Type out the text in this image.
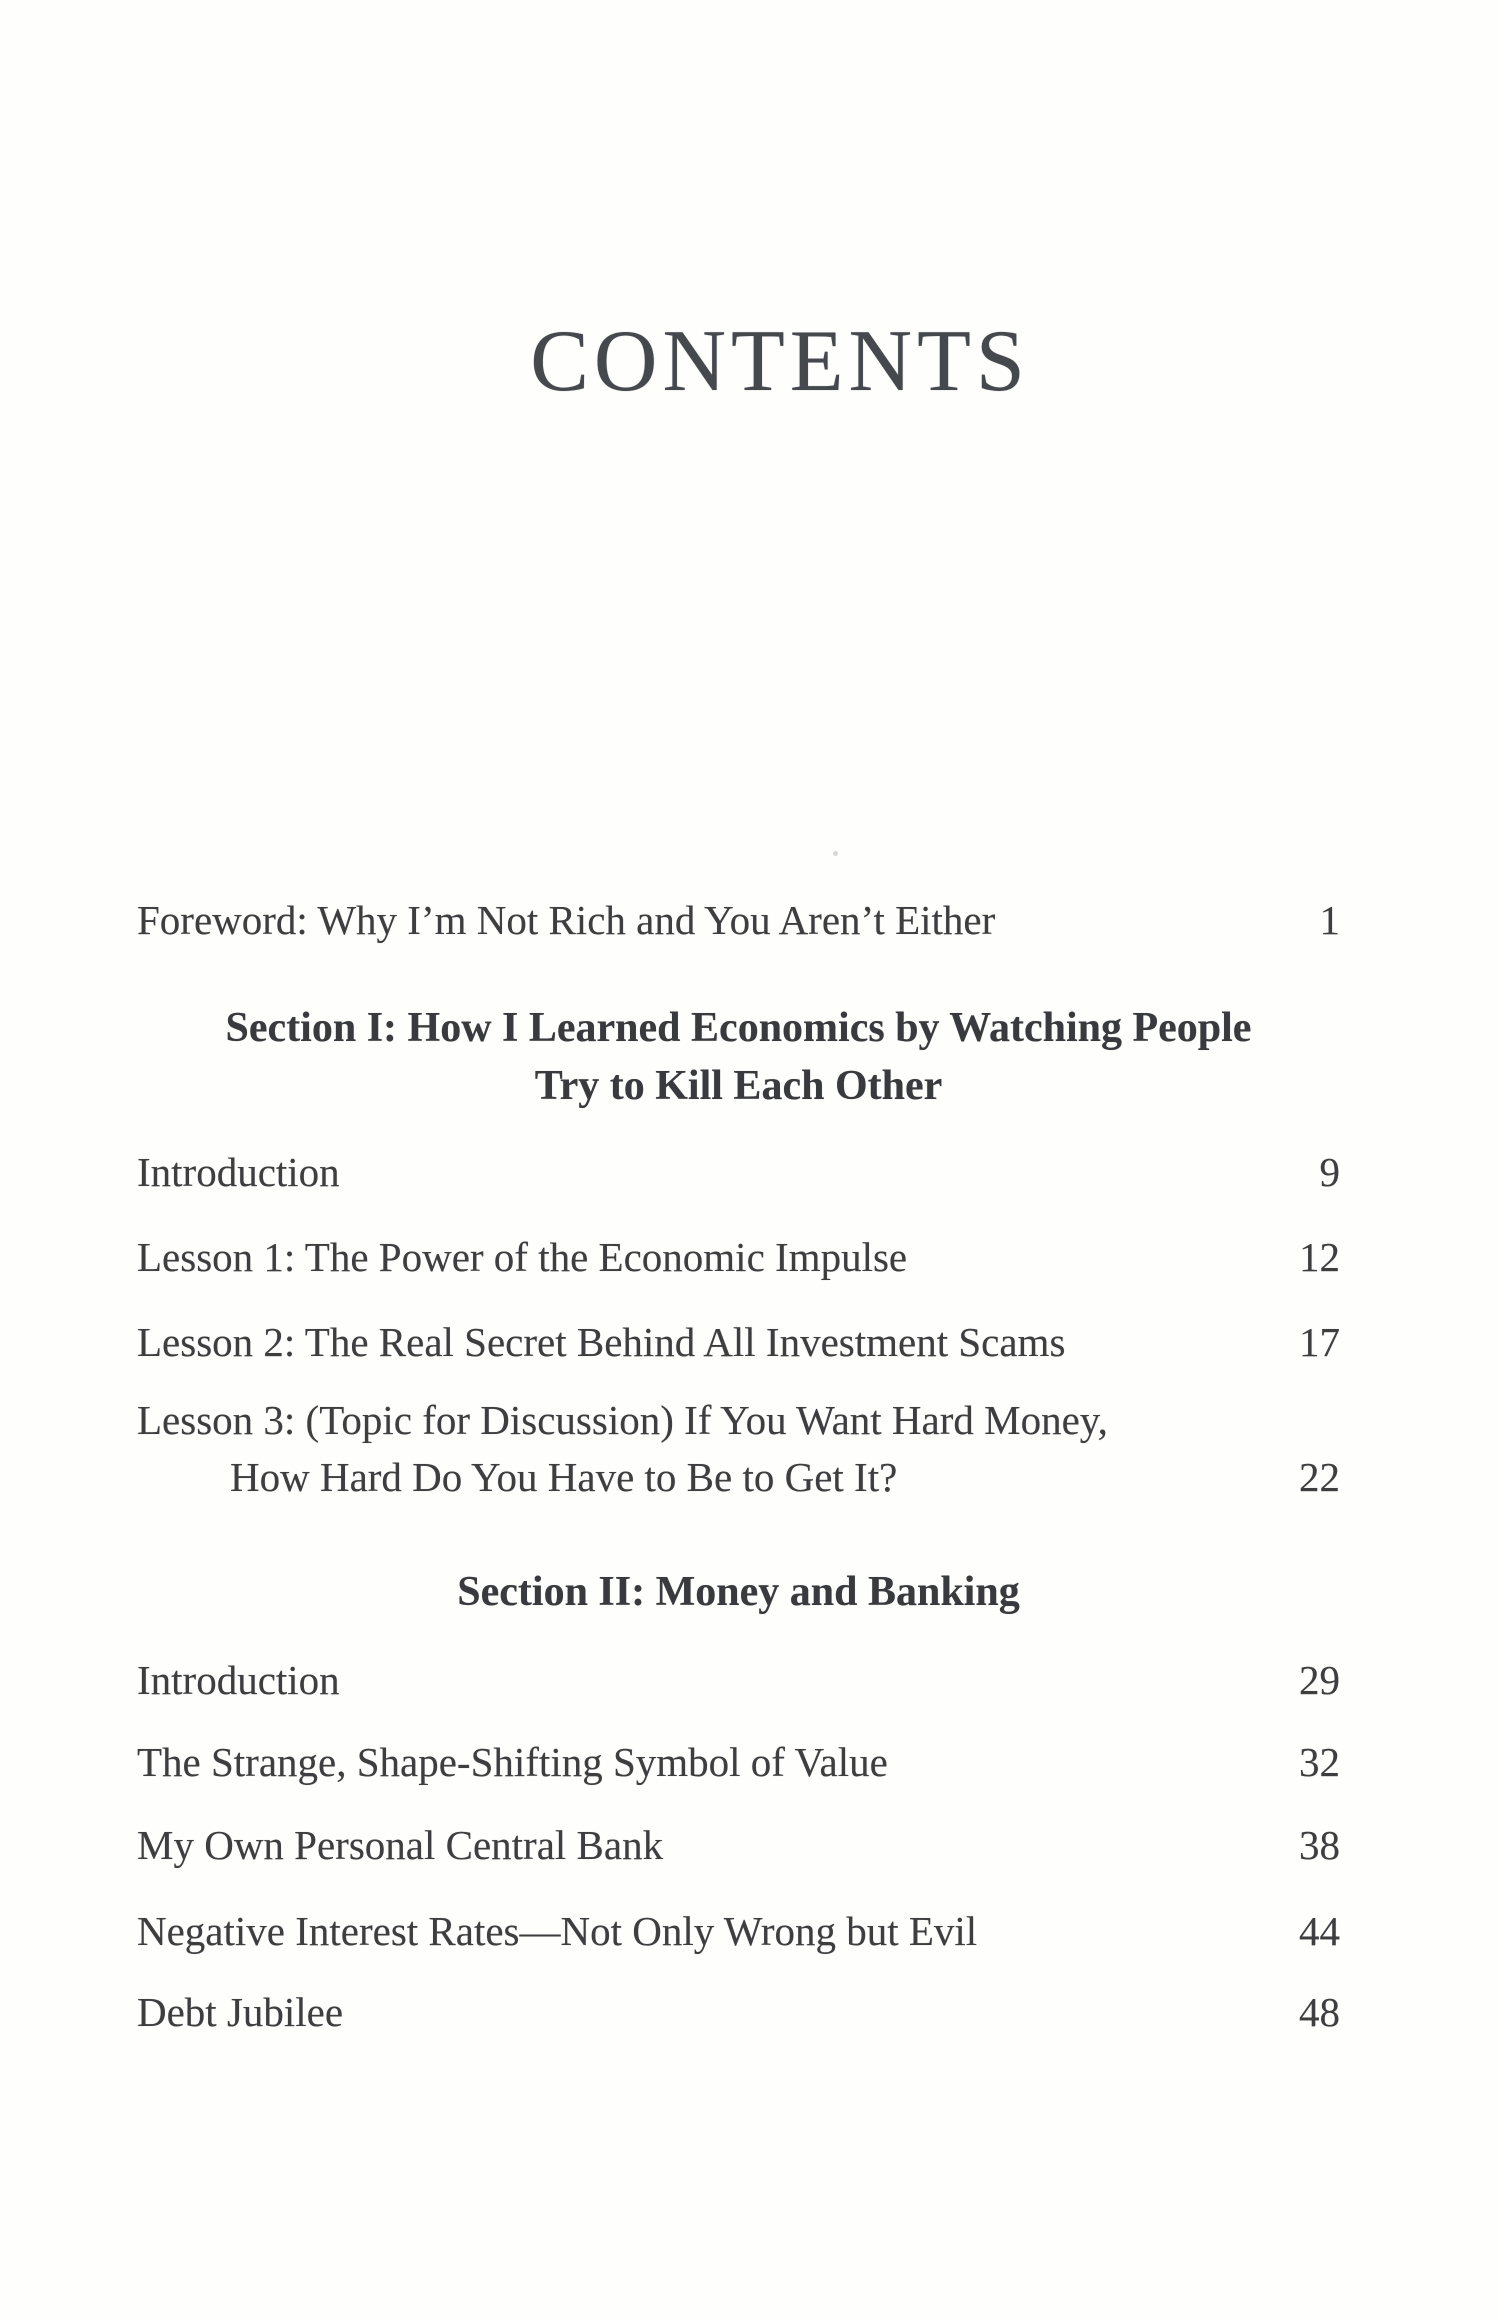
CONTENTS
Foreword: Why I’m Not Rich and You Aren’t Either	1
Section I: How I Learned Economics by Watching People
Try to Kill Each Other
Introduction	9
Lesson 1: The Power of the Economic Impulse	12
Lesson 2: The Real Secret Behind All Investment Scams	17
Lesson 3: (Topic for Discussion) If You Want Hard Money,
How Hard Do You Have to Be to Get It?	22
Section II: Money and Banking
Introduction	29
The Strange, Shape-Shifting Symbol of Value	32
My Own Personal Central Bank	38
Negative Interest Rates—Not Only Wrong but Evil	44
Debt Jubilee	48
